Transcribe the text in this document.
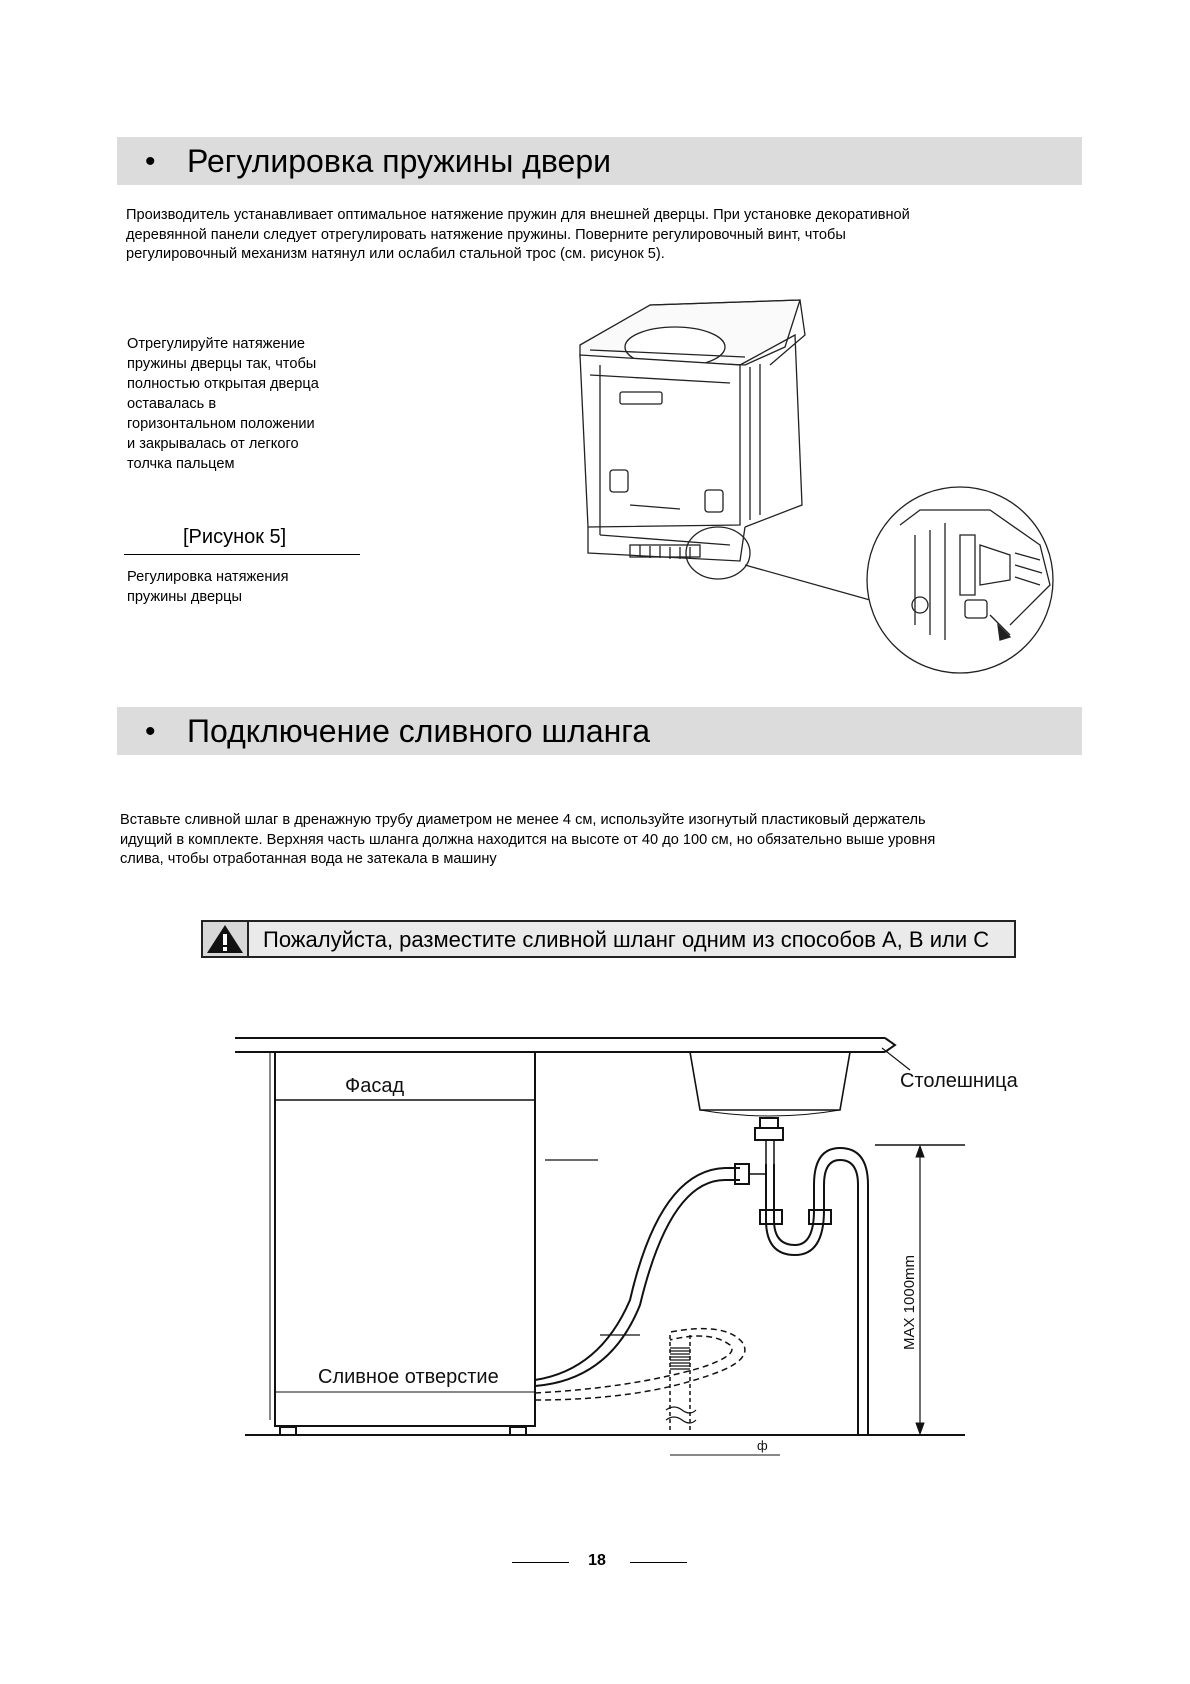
• Регулировка пружины двери
Производитель устанавливает оптимальное натяжение пружин для внешней дверцы. При установке декоративной
деревянной панели следует отрегулировать натяжение пружины. Поверните регулировочный винт, чтобы
регулировочный механизм натянул или ослабил стальной трос (см. рисунок 5).
Отрегулируйте натяжение
пружины дверцы так, чтобы
полностью открытая дверца
оставалась в
горизонтальном положении
и закрывалась от легкого
толчка пальцем
[Рисунок 5]
Регулировка натяжения
пружины дверцы
• Подключение сливного шланга
Вставьте сливной шлаг в дренажную трубу диаметром не менее 4 см, используйте изогнутый пластиковый держатель
идущий в комплекте. Верхняя часть шланга должна находится на высоте от 40 до 100 см, но обязательно выше уровня
слива, чтобы отработанная вода не затекала в машину
Пожалуйста, разместите сливной шланг одним из способов A, B или C
Фасад	Столешница
Сливное отверстие
MAX 1000mm
ф
18
